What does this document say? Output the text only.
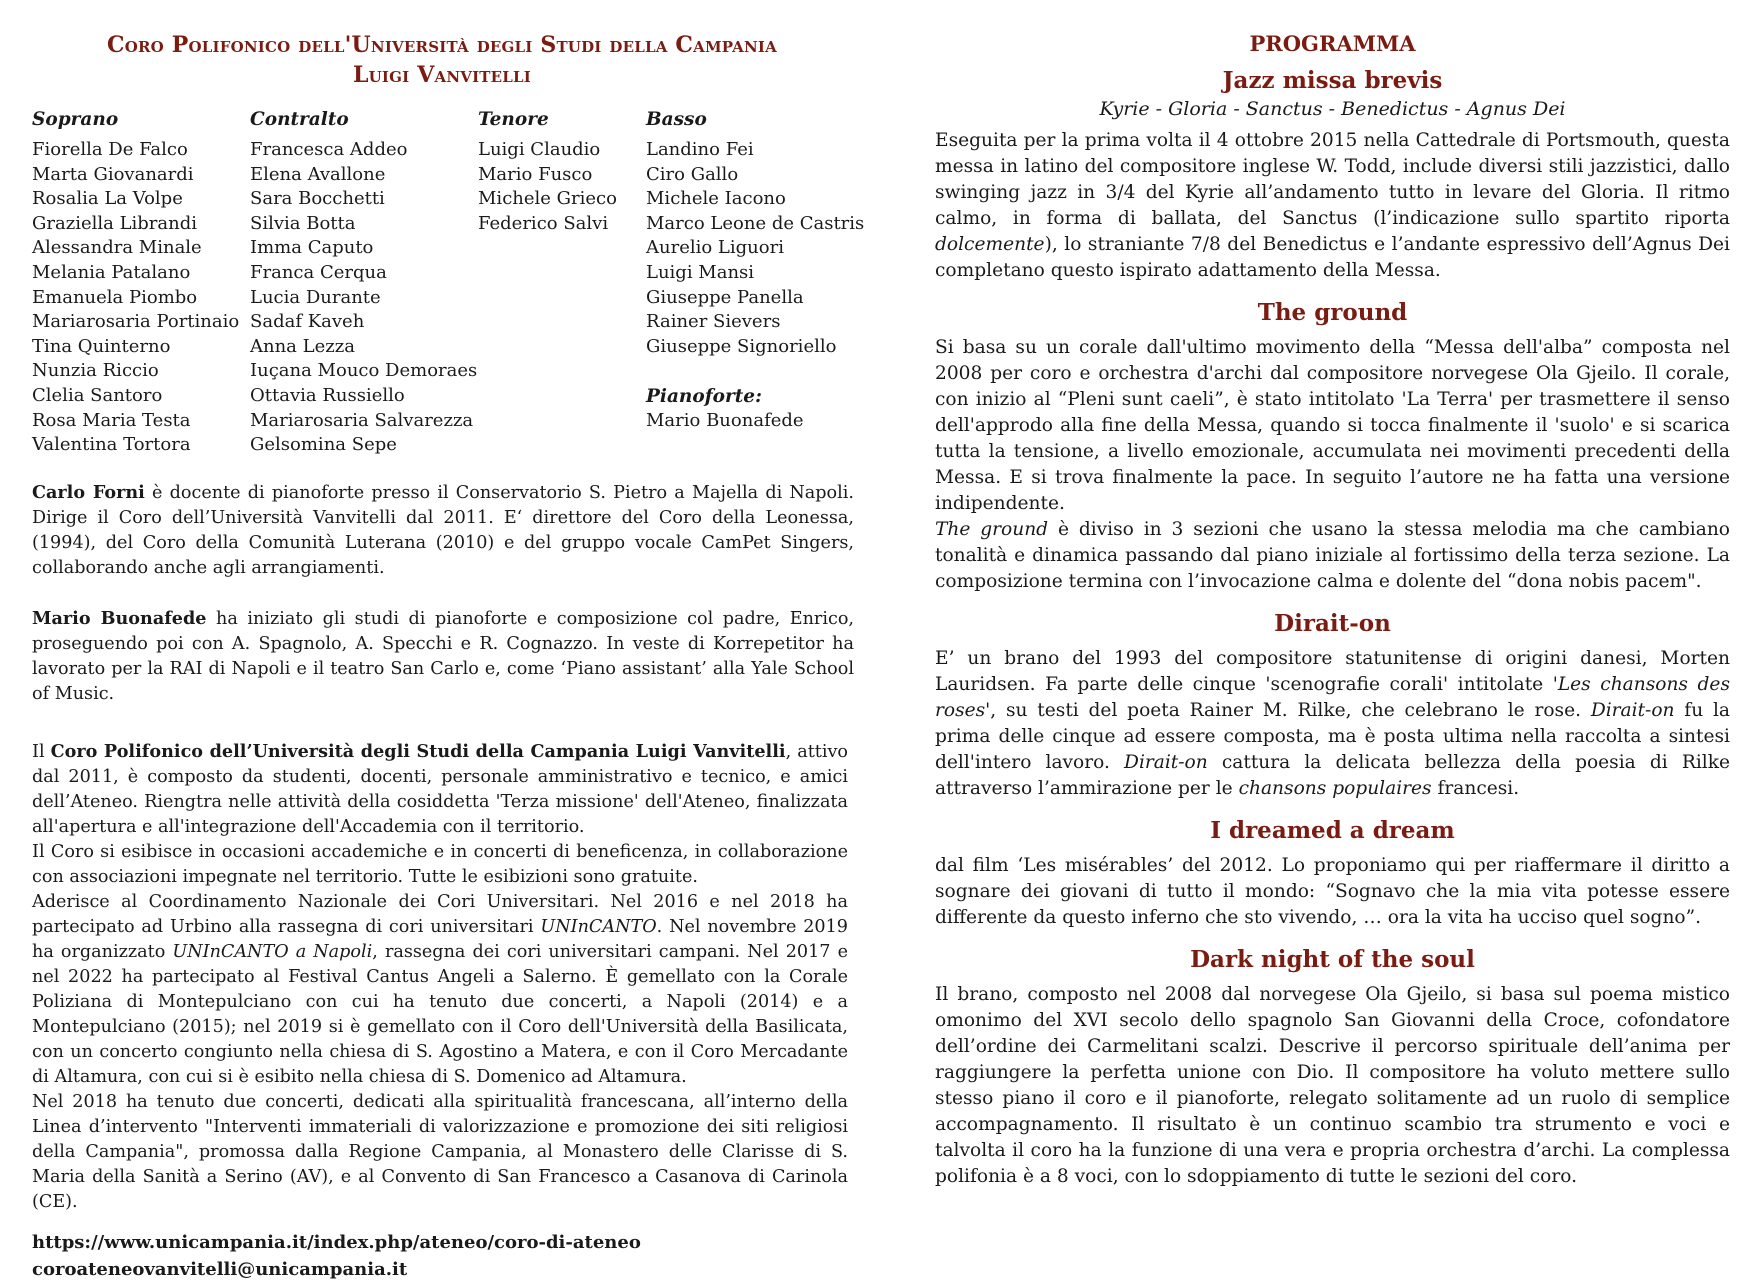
Coro Polifonico dell'Università degli Studi della Campania
Luigi Vanvitelli
Soprano
Fiorella De Falco
Marta Giovanardi
Rosalia La Volpe
Graziella Librandi
Alessandra Minale
Melania Patalano
Emanuela Piombo
Mariarosaria Portinaio
Tina Quinterno
Nunzia Riccio
Clelia Santoro
Rosa Maria Testa
Valentina Tortora
Contralto
Francesca Addeo
Elena Avallone
Sara Bocchetti
Silvia Botta
Imma Caputo
Franca Cerqua
Lucia Durante
Sadaf Kaveh
Anna Lezza
Iuçana Mouco Demoraes
Ottavia Russiello
Mariarosaria Salvarezza
Gelsomina Sepe
Tenore
Luigi Claudio
Mario Fusco
Michele Grieco
Federico Salvi
Basso
Landino Fei
Ciro Gallo
Michele Iacono
Marco Leone de Castris
Aurelio Liguori
Luigi Mansi
Giuseppe Panella
Rainer Sievers
Giuseppe Signoriello
Pianoforte:
Mario Buonafede

Carlo Forni è docente di pianoforte presso il Conservatorio S. Pietro a Majella di Napoli. Dirige il Coro dell’Università Vanvitelli dal 2011. E‘ direttore del Coro della Leonessa, (1994), del Coro della Comunità Luterana (2010) e del gruppo vocale CamPet Singers, collaborando anche agli arrangiamenti.

Mario Buonafede ha iniziato gli studi di pianoforte e composizione col padre, Enrico, proseguendo poi con A. Spagnolo, A. Specchi e R. Cognazzo. In veste di Korrepetitor ha lavorato per la RAI di Napoli e il teatro San Carlo e, come ‘Piano assistant’ alla Yale School of Music.

Il Coro Polifonico dell’Università degli Studi della Campania Luigi Vanvitelli, attivo dal 2011, è composto da studenti, docenti, personale amministrativo e tecnico, e amici dell’Ateneo. Riengtra nelle attività della cosiddetta 'Terza missione' dell'Ateneo, finalizzata all'apertura e all'integrazione dell'Accademia con il territorio.

Il Coro si esibisce in occasioni accademiche e in concerti di beneficenza, in collaborazione con associazioni impegnate nel territorio. Tutte le esibizioni sono gratuite.

Aderisce al Coordinamento Nazionale dei Cori Universitari. Nel 2016 e nel 2018 ha partecipato ad Urbino alla rassegna di cori universitari UNInCANTO. Nel novembre 2019 ha organizzato UNInCANTO a Napoli, rassegna dei cori universitari campani. Nel 2017 e nel 2022 ha partecipato al Festival Cantus Angeli a Salerno. È gemellato con la Corale Poliziana di Montepulciano con cui ha tenuto due concerti, a Napoli (2014) e a Montepulciano (2015); nel 2019 si è gemellato con il Coro dell'Università della Basilicata, con un concerto congiunto nella chiesa di S. Agostino a Matera, e con il Coro Mercadante di Altamura, con cui si è esibito nella chiesa di S. Domenico ad Altamura.

Nel 2018 ha tenuto due concerti, dedicati alla spiritualità francescana, all’interno della Linea d’intervento "Interventi immateriali di valorizzazione e promozione dei siti religiosi della Campania", promossa dalla Regione Campania, al Monastero delle Clarisse di S. Maria della Sanità a Serino (AV), e al Convento di San Francesco a Casanova di Carinola (CE).

https://www.unicampania.it/index.php/ateneo/coro-di-ateneo
coroateneovanvitelli@unicampania.it
PROGRAMMA
Jazz missa brevis
Kyrie - Gloria - Sanctus - Benedictus - Agnus Dei

Eseguita per la prima volta il 4 ottobre 2015 nella Cattedrale di Portsmouth, questa messa in latino del compositore inglese W. Todd, include diversi stili jazzistici, dallo swinging jazz in 3/4 del Kyrie all’andamento tutto in levare del Gloria. Il ritmo calmo, in forma di ballata, del Sanctus (l’indicazione sullo spartito riporta dolcemente), lo straniante 7/8 del Benedictus e l’andante espressivo dell’Agnus Dei completano questo ispirato adattamento della Messa.

The ground

Si basa su un corale dall'ultimo movimento della “Messa dell'alba” composta nel 2008 per coro e orchestra d'archi dal compositore norvegese Ola Gjeilo. Il corale, con inizio al “Pleni sunt caeli”, è stato intitolato 'La Terra' per trasmettere il senso dell'approdo alla fine della Messa, quando si tocca finalmente il 'suolo' e si scarica tutta la tensione, a livello emozionale, accumulata nei movimenti precedenti della Messa. E si trova finalmente la pace. In seguito l’autore ne ha fatta una versione indipendente.

The ground è diviso in 3 sezioni che usano la stessa melodia ma che cambiano tonalità e dinamica passando dal piano iniziale al fortissimo della terza sezione. La composizione termina con l’invocazione calma e dolente del “dona nobis pacem".

Dirait-on

E’ un brano del 1993 del compositore statunitense di origini danesi, Morten Lauridsen. Fa parte delle cinque 'scenografie corali' intitolate 'Les chansons des roses', su testi del poeta Rainer M. Rilke, che celebrano le rose. Dirait-on fu la prima delle cinque ad essere composta, ma è posta ultima nella raccolta a sintesi dell'intero lavoro. Dirait-on cattura la delicata bellezza della poesia di Rilke attraverso l’ammirazione per le chansons populaires francesi.

I dreamed a dream

dal film ‘Les misérables’ del 2012. Lo proponiamo qui per riaffermare il diritto a sognare dei giovani di tutto il mondo: “Sognavo che la mia vita potesse essere differente da questo inferno che sto vivendo, … ora la vita ha ucciso quel sogno”.

Dark night of the soul

Il brano, composto nel 2008 dal norvegese Ola Gjeilo, si basa sul poema mistico omonimo del XVI secolo dello spagnolo San Giovanni della Croce, cofondatore dell’ordine dei Carmelitani scalzi. Descrive il percorso spirituale dell’anima per raggiungere la perfetta unione con Dio. Il compositore ha voluto mettere sullo stesso piano il coro e il pianoforte, relegato solitamente ad un ruolo di semplice accompagnamento. Il risultato è un continuo scambio tra strumento e voci e talvolta il coro ha la funzione di una vera e propria orchestra d’archi. La complessa polifonia è a 8 voci, con lo sdoppiamento di tutte le sezioni del coro.
